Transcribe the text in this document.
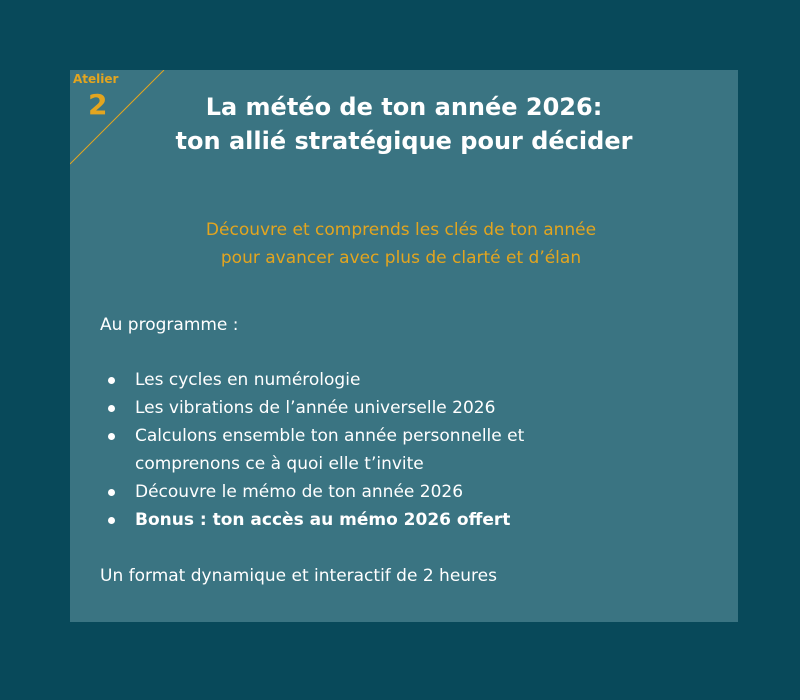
Atelier
2	La météo de ton année 2026:
ton allié stratégique pour décider
Découvre et comprends les clés de ton année
pour avancer avec plus de clarté et d’élan
Au programme :
Les cycles en numérologie
Les vibrations de l’année universelle 2026
Calculons ensemble ton année personnelle et comprenons ce à quoi elle t’invite
Découvre le mémo de ton année 2026
Bonus : ton accès au mémo 2026 offert
Un format dynamique et interactif de 2 heures
